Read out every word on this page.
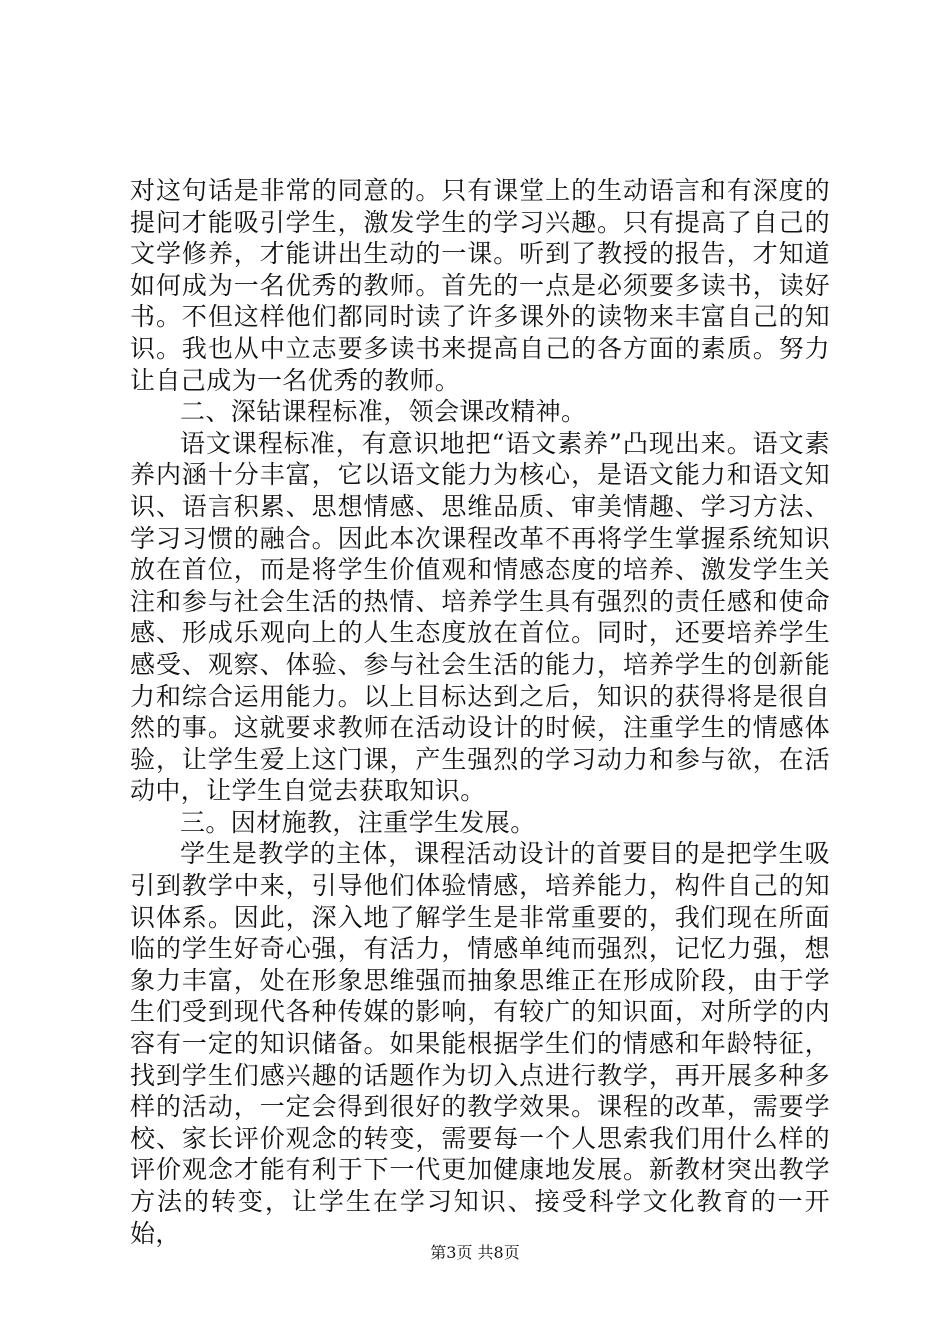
对这句话是非常的同意的。只有课堂上的生动语言和有深度的提问才能吸引学生，激发学生的学习兴趣。只有提高了自己的文学修养，才能讲出生动的一课。听到了教授的报告，才知道如何成为一名优秀的教师。首先的一点是必须要多读书，读好书。不但这样他们都同时读了许多课外的读物来丰富自己的知识。我也从中立志要多读书来提高自己的各方面的素质。努力让自己成为一名优秀的教师。

二、深钻课程标准，领会课改精神。

语文课程标准，有意识地把“语文素养”凸现出来。语文素养内涵十分丰富，它以语文能力为核心，是语文能力和语文知识、语言积累、思想情感、思维品质、审美情趣、学习方法、学习习惯的融合。因此本次课程改革不再将学生掌握系统知识放在首位，而是将学生价值观和情感态度的培养、激发学生关注和参与社会生活的热情、培养学生具有强烈的责任感和使命感、形成乐观向上的人生态度放在首位。同时，还要培养学生感受、观察、体验、参与社会生活的能力，培养学生的创新能力和综合运用能力。以上目标达到之后，知识的获得将是很自然的事。这就要求教师在活动设计的时候，注重学生的情感体验，让学生爱上这门课，产生强烈的学习动力和参与欲，在活动中，让学生自觉去获取知识。

三。因材施教，注重学生发展。

学生是教学的主体，课程活动设计的首要目的是把学生吸引到教学中来，引导他们体验情感，培养能力，构件自己的知识体系。因此，深入地了解学生是非常重要的，我们现在所面临的学生好奇心强，有活力，情感单纯而强烈，记忆力强，想象力丰富，处在形象思维强而抽象思维正在形成阶段，由于学生们受到现代各种传媒的影响，有较广的知识面，对所学的内容有一定的知识储备。如果能根据学生们的情感和年龄特征，找到学生们感兴趣的话题作为切入点进行教学，再开展多种多样的活动，一定会得到很好的教学效果。课程的改革，需要学校、家长评价观念的转变，需要每一个人思索我们用什么样的评价观念才能有利于下一代更加健康地发展。新教材突出教学方法的转变，让学生在学习知识、接受科学文化教育的一开始，

第3页 共8页
